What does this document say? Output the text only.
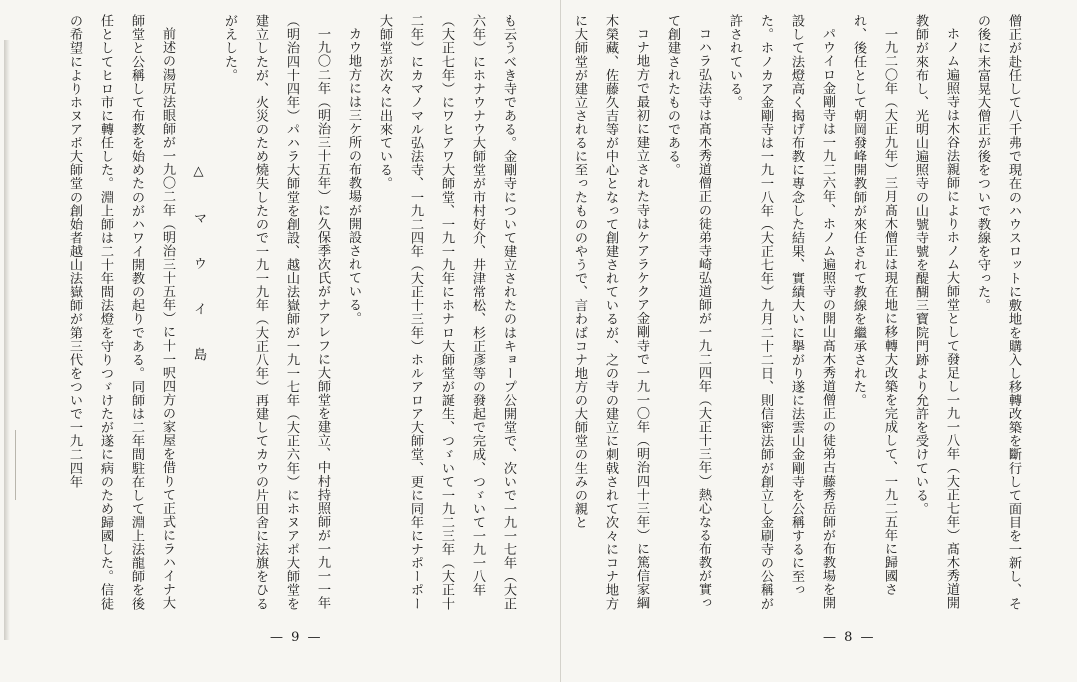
も云うべき寺である。金剛寺について建立されたのはキョープ公開堂で、次いで一九一七年（大正六年）にホナウナウ大師堂が市村好介、井津常松、杉正彥等の發起で完成、つゞいて一九一八年（大正七年）にワヒアワ大師堂、一九一九年にホナロ大師堂が誕生、つゞいて一九二三年（大正十二年）にカマノマル弘法寺、一九二四年（大正十三年）ホルアロア大師堂、更に同年にナポーポー大師堂が次々に出來ている。

カウ地方には三ケ所の布教場が開設されている。

一九〇二年（明治三十五年）に久保季次氏がナアレフに大師堂を建立、中村持照師が一九一一年（明治四十四年）パハラ大師堂を創設、越山法嶽師が一九一七年（大正六年）にホヌアポ大師堂を建立したが、火災のため燒失したので一九一九年（大正八年）再建してカウの片田舍に法旗をひるがえした。

△ マ ウ イ 島

前述の湯尻法眼師が一九〇二年（明治三十五年）に十一呎四方の家屋を借りて正式にラハイナ大師堂と公稱して布教を始めたのがハワイ開教の起りである。同師は二年間駐在して淵上法龍師を後任としてヒロ市に轉任した。淵上師は二十年間法燈を守りつゞけたが遂に病のため歸國した。信徒の希望によりホヌアポ大師堂の創始者越山法嶽師が第三代をついで一九二四年

— 9 —

僧正が赴任して八千弗で現在のハウスロットに敷地を購入し移轉改築を斷行して面目を一新し、その後に末富晃大僧正が後をついで教線を守った。

ホノム遍照寺は木谷法親師によりホノム大師堂として發足し一九一八年（大正七年）髙木秀道開教師が來布し、光明山遍照寺の山號寺號を醍醐三寶院門跡より允許を受けている。

一九二〇年（大正九年）三月髙木僧正は現在地に移轉大改築を完成して、一九二五年に歸國され、後任として朝岡發峰開教師が來任されて教線を繼承された。

パウイロ金剛寺は一九二六年、ホノム遍照寺の開山髙木秀道僧正の徒弟古藤秀岳師が布教場を開設して法燈高く揭げ布教に專念した結果、實績大いに擧がり遂に法雲山金剛寺を公稱するに至った。ホノカア金剛寺は一九一八年（大正七年）九月二十二日、則信密法師が創立し金刷寺の公稱が許されている。

コハラ弘法寺は髙木秀道僧正の徒弟寺崎弘道師が一九二四年（大正十三年）熱心なる布教が實って創建されたものである。

コナ地方で最初に建立された寺はケアラケクア金剛寺で一九一〇年（明治四十三年）に篤信家綱木榮藏、佐藤久吉等が中心となって創建されているが、之の寺の建立に刺戟されて次々にコナ地方に大師堂が建立されるに至ったもののやうで、言わばコナ地方の大師堂の生みの親と

— 8 —
